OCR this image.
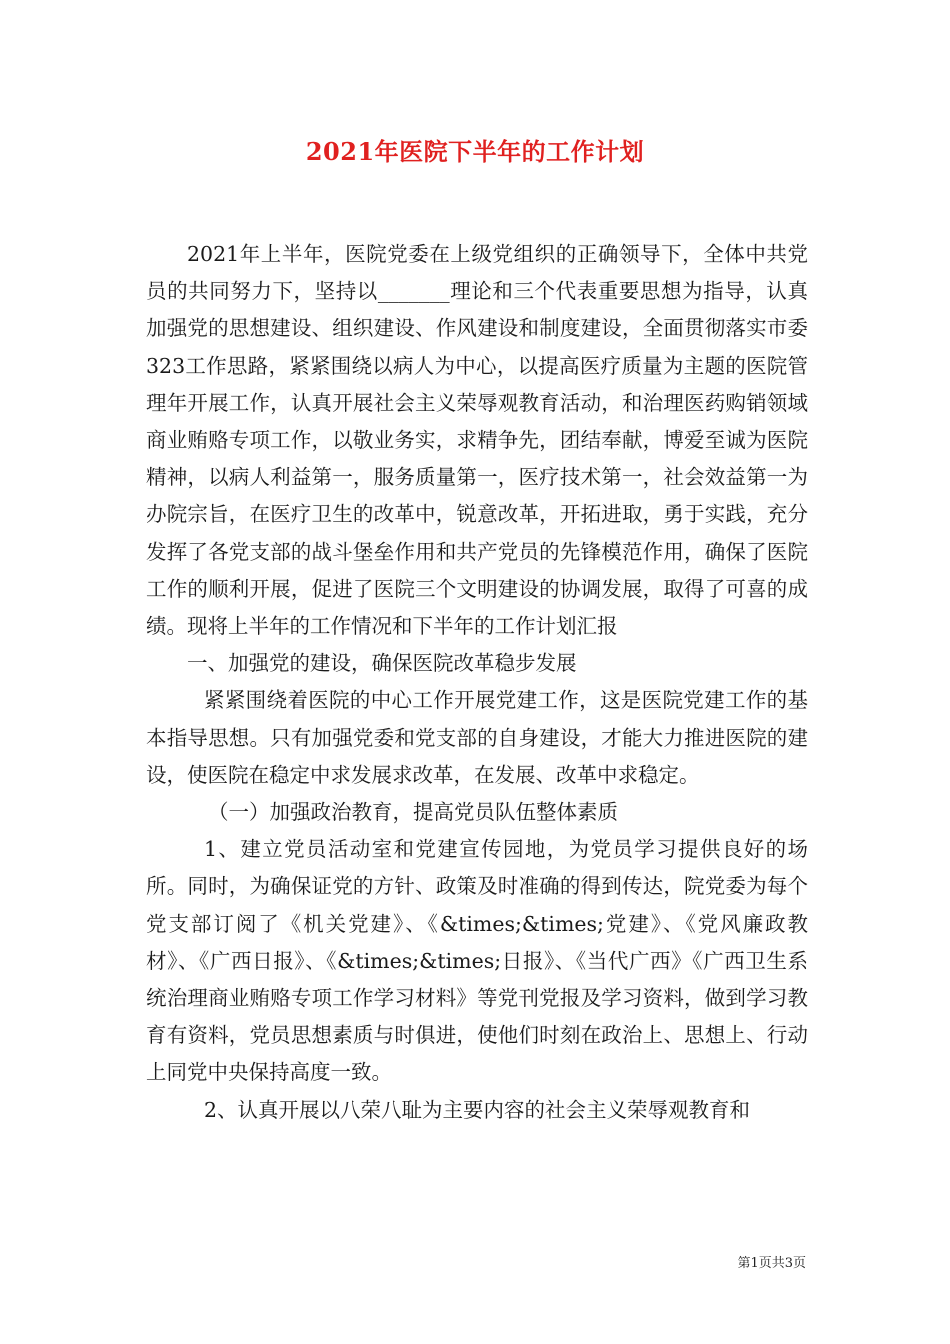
2021年医院下半年的工作计划

2021年上半年，医院党委在上级党组织的正确领导下，全体中共党员的共同努力下，坚持以_______理论和三个代表重要思想为指导，认真加强党的思想建设、组织建设、作风建设和制度建设，全面贯彻落实市委323工作思路，紧紧围绕以病人为中心，以提高医疗质量为主题的医院管理年开展工作，认真开展社会主义荣辱观教育活动，和治理医药购销领域商业贿赂专项工作，以敬业务实，求精争先，团结奉献，博爱至诚为医院精神，以病人利益第一，服务质量第一，医疗技术第一，社会效益第一为办院宗旨，在医疗卫生的改革中，锐意改革，开拓进取，勇于实践，充分发挥了各党支部的战斗堡垒作用和共产党员的先锋模范作用，确保了医院工作的顺利开展，促进了医院三个文明建设的协调发展，取得了可喜的成绩。现将上半年的工作情况和下半年的工作计划汇报

一、加强党的建设，确保医院改革稳步发展

紧紧围绕着医院的中心工作开展党建工作，这是医院党建工作的基本指导思想。只有加强党委和党支部的自身建设，才能大力推进医院的建设，使医院在稳定中求发展求改革，在发展、改革中求稳定。

（一）加强政治教育，提高党员队伍整体素质

1、建立党员活动室和党建宣传园地，为党员学习提供良好的场所。同时，为确保证党的方针、政策及时准确的得到传达，院党委为每个党支部订阅了《机关党建》、《&times;&times;党建》、《党风廉政教材》、《广西日报》、《&times;&times;日报》、《当代广西》《广西卫生系统治理商业贿赂专项工作学习材料》等党刊党报及学习资料，做到学习教育有资料，党员思想素质与时俱进，使他们时刻在政治上、思想上、行动上同党中央保持高度一致。

2、认真开展以八荣八耻为主要内容的社会主义荣辱观教育和

第1页共3页
